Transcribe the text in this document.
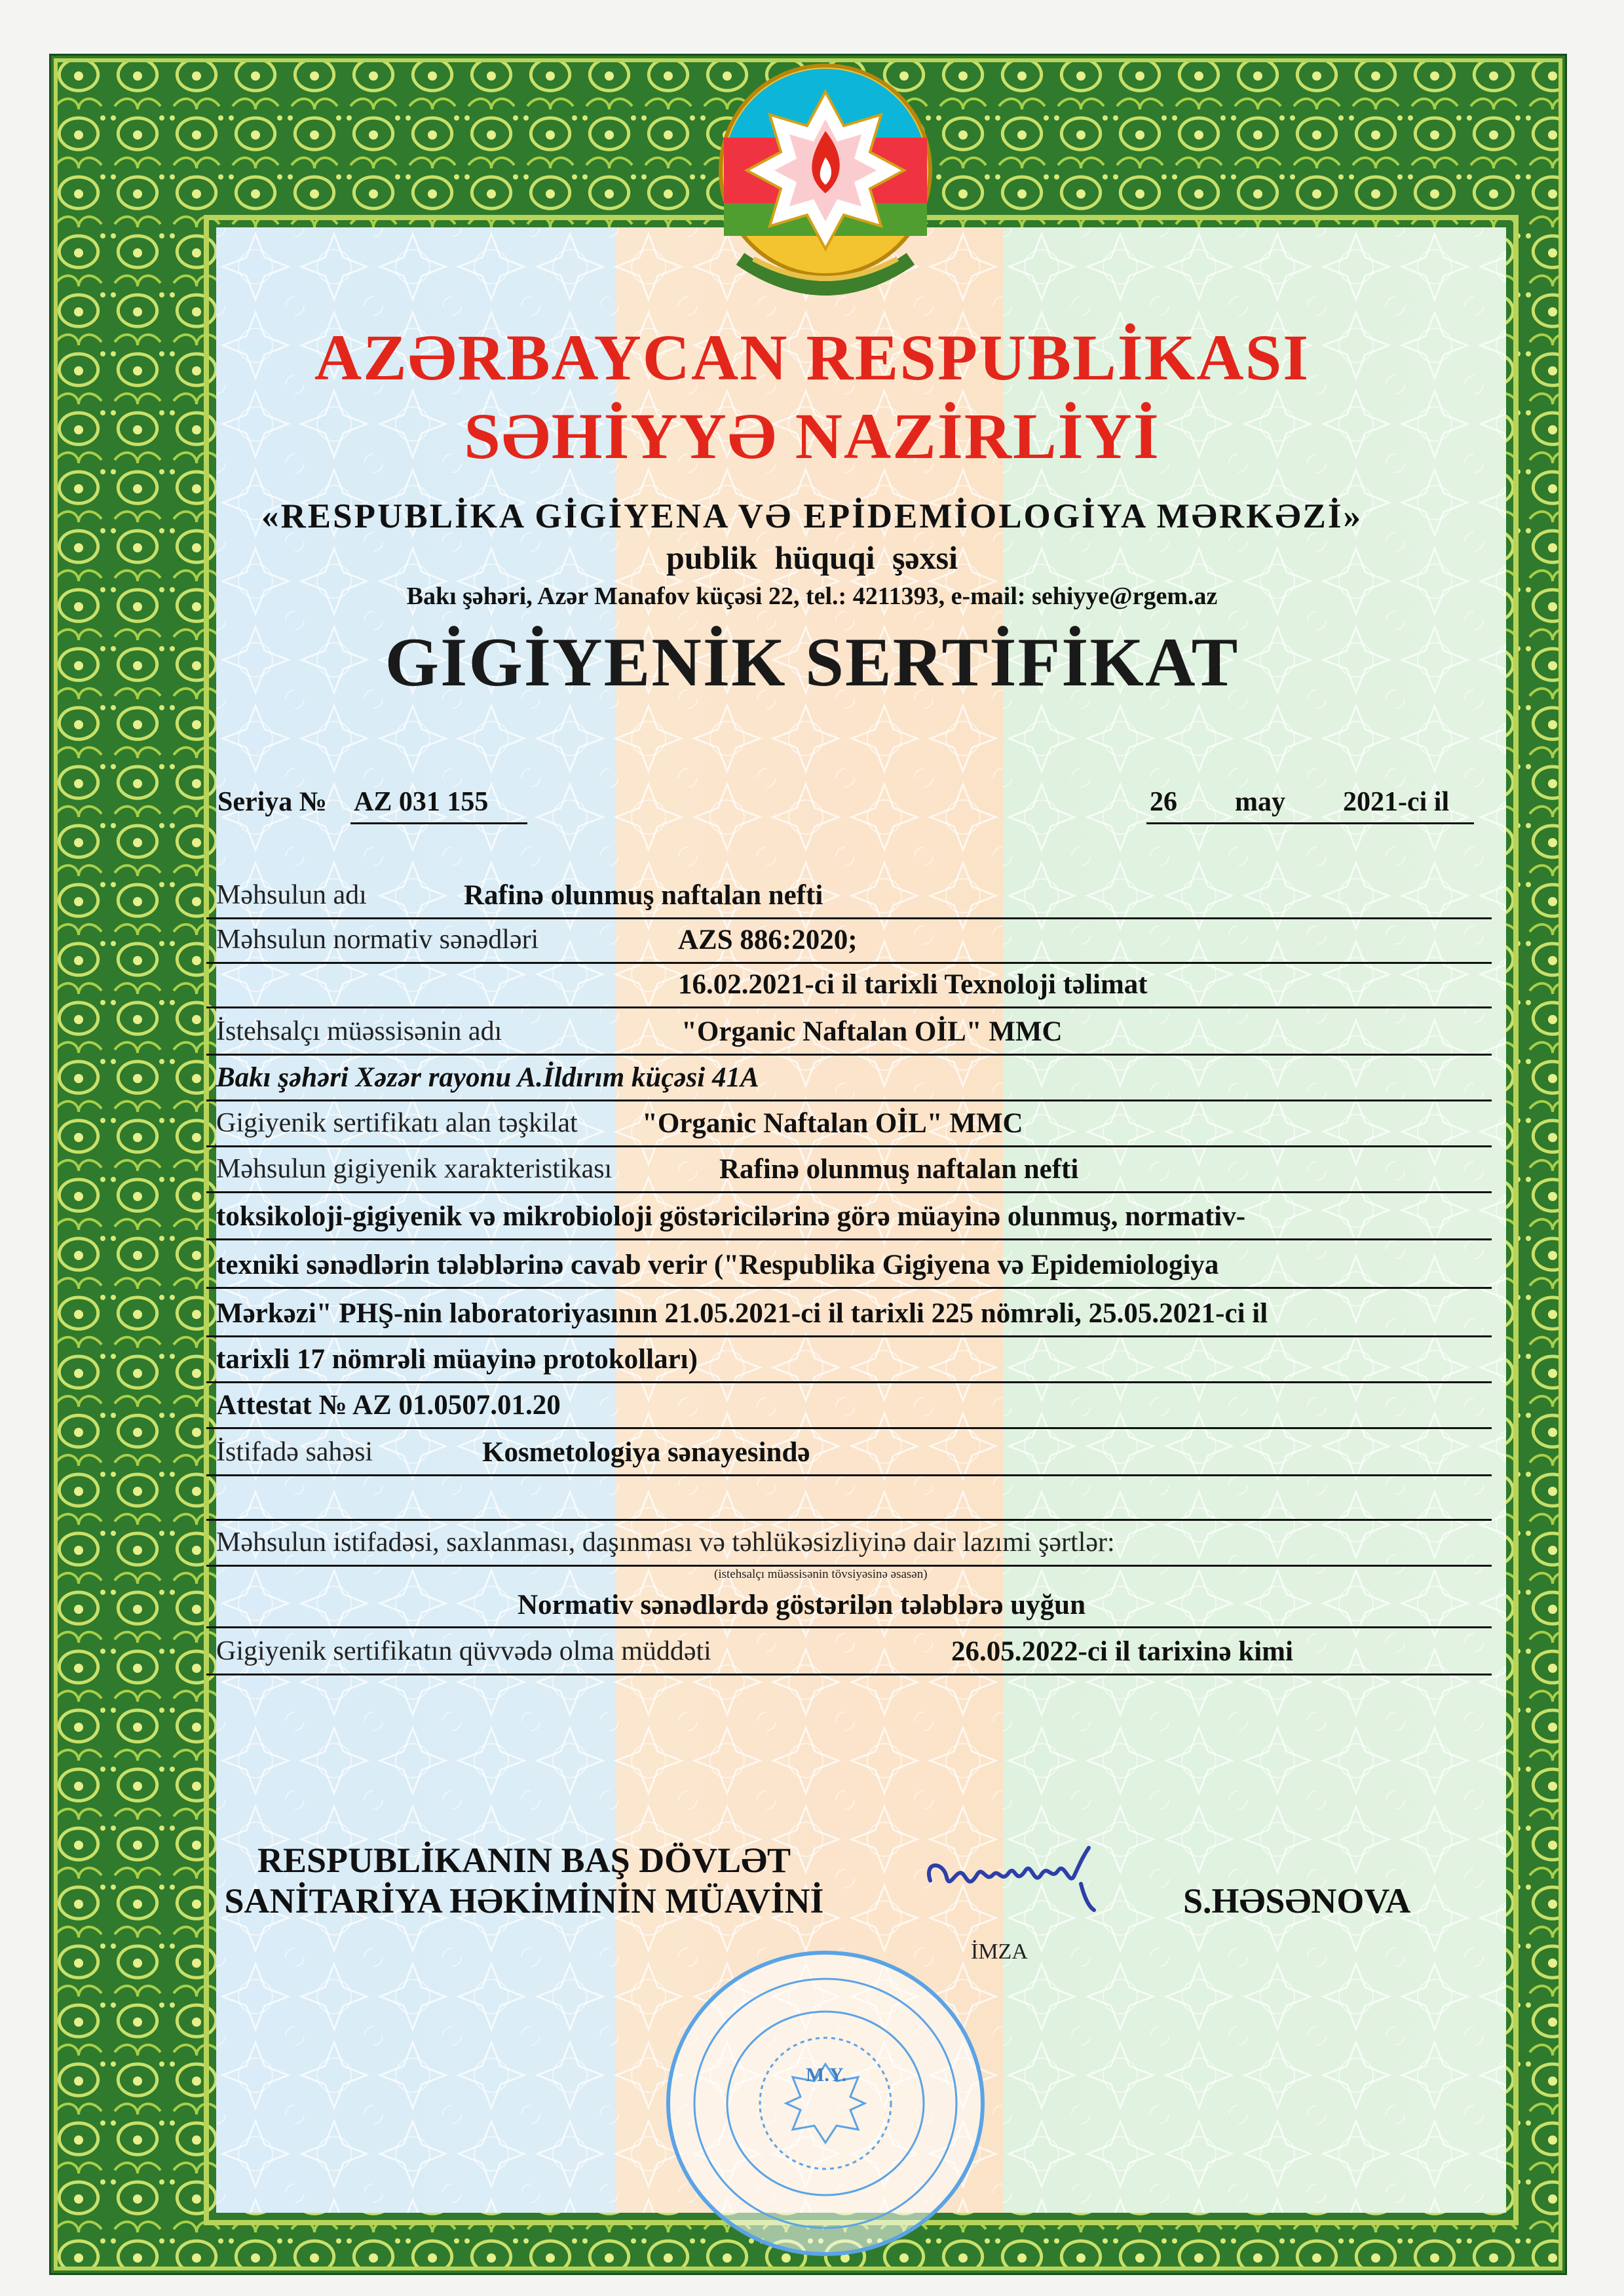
AZƏRBAYCAN RESPUBLİKASI
SƏHİYYƏ NAZİRLİYİ
«RESPUBLİKA GİGİYENA VƏ EPİDEMİOLOGİYA MƏRKƏZİ»
publik hüquqi şəxsi
Bakı şəhəri, Azər Manafov küçəsi 22, tel.: 4211393, e-mail: sehiyye@rgem.az
GİGİYENİK SERTİFİKAT
Seriya № AZ 031 155	26 may 2021-ci il
Məhsulun adı	Rafinə olunmuş naftalan nefti
Məhsulun normativ sənədləri	AZS 886:2020;
16.02.2021-ci il tarixli Texnoloji təlimat
İstehsalçı müəssisənin adı	"Organic Naftalan OİL" MMC
Bakı şəhəri Xəzər rayonu A.İldırım küçəsi 41A
Gigiyenik sertifikatı alan təşkilat "Organic Naftalan OİL" MMC
Məhsulun gigiyenik xarakteristikası	Rafinə olunmuş naftalan nefti
toksikoloji-gigiyenik və mikrobioloji göstəricilərinə görə müayinə olunmuş, normativ-
texniki sənədlərin tələblərinə cavab verir ("Respublika Gigiyena və Epidemiologiya
Mərkəzi" PHŞ-nin laboratoriyasının 21.05.2021-ci il tarixli 225 nömrəli, 25.05.2021-ci il
tarixli 17 nömrəli müayinə protokolları)
Attestat № AZ 01.0507.01.20
İstifadə sahəsi	Kosmetologiya sənayesində
Məhsulun istifadəsi, saxlanması, daşınması və təhlükəsizliyinə dair lazımi şərtlər:
(istehsalçı müəssisənin tövsiyəsinə əsasən)
Normativ sənədlərdə göstərilən tələblərə uyğun
Gigiyenik sertifikatın qüvvədə olma müddəti	26.05.2022-ci il tarixinə kimi
RESPUBLİKANIN BAŞ DÖVLƏT
SANİTARİYA HƏKİMİNİN MÜAVİNİ
İMZA
S.HƏSƏNOVA
M.Y.
